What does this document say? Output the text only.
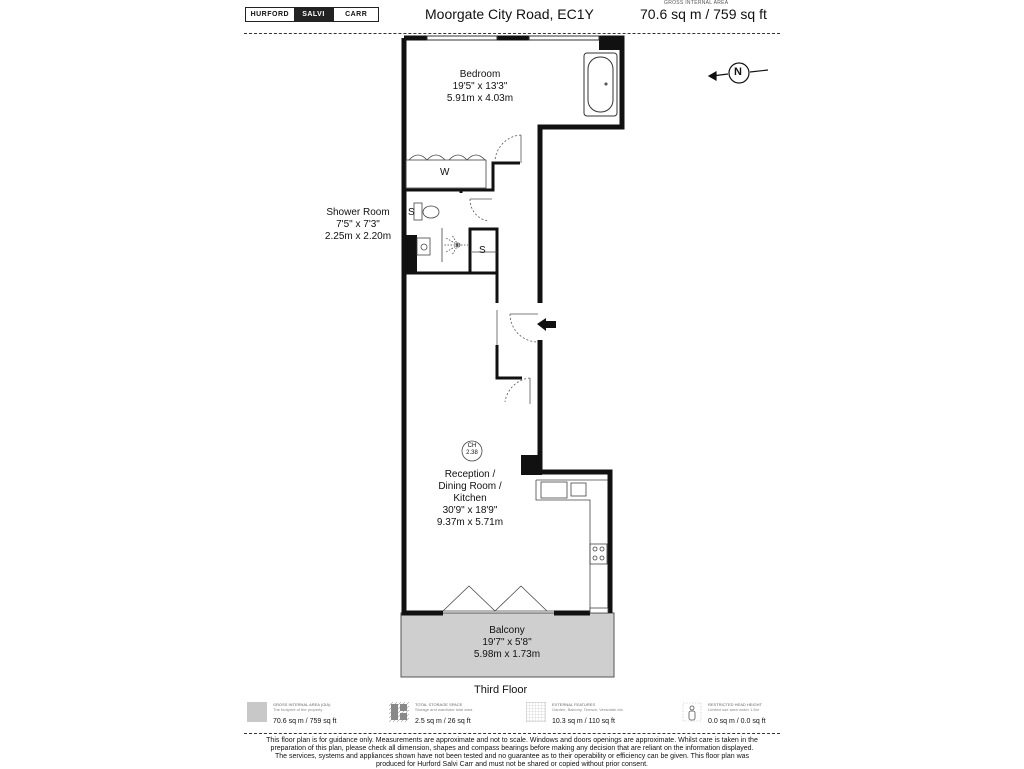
HURFORD	SALVI	CARR	Moorgate City Road, EC1Y
GROSS INTERNAL AREA
70.6 sq m / 759 sq ft
Bedroom
19'5" x 13'3"
5.91m x 4.03m
Shower Room
7'5" x 7'3"
2.25m x 2.20m
Reception /
Dining Room /
Kitchen
30'9" x 18'9"
9.37m x 5.71m
Balcony
19'7" x 5'8"
5.98m x 1.73m
W
S
S
CH
2.38
N
Third Floor
GROSS INTERNAL AREA (GIA)
The footprint of the property
70.6 sq m / 759 sq ft
TOTAL STORAGE SPACE
Storage and wardrobe total area
2.5 sq m / 26 sq ft
EXTERNAL FEATURES
Garden, Balcony, Terrace, Verandah etc.
10.3 sq m / 110 sq ft
RESTRICTED HEAD HEIGHT
Limited use area under 1.5m
0.0 sq m / 0.0 sq ft
This floor plan is for guidance only. Measurements are approximate and not to scale. Windows and doors openings are approximate. Whilst care is taken in the
preparation of this plan, please check all dimension, shapes and compass bearings before making any decision that are reliant on the information displayed.
The services, systems and appliances shown have not been tested and no guarantee as to their operability or efficiency can be given. This floor plan was
produced for Hurford Salvi Carr and must not be shared or copied without prior consent.
